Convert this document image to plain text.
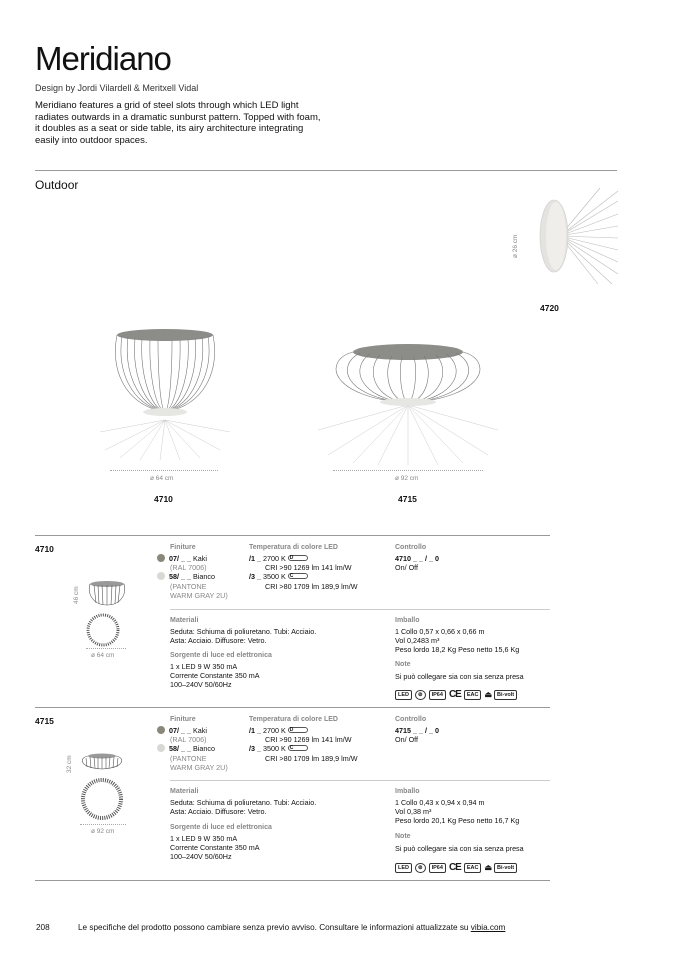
Meridiano
Design by Jordi Vilardell & Meritxell Vidal
Meridiano features a grid of steel slots through which LED light radiates outwards in a dramatic sunburst pattern. Topped with foam, it doubles as a seat or side table, its airy architecture integrating easily into outdoor spaces.
Outdoor
ø 26 cm
4720
ø 64 cm
4710
ø 92 cm
4715
4710
46 cm
ø 64 cm
Finiture
07/ _ _ Kaki
(RAL 7006)
58/ _ _ Bianco
(PANTONE
WARM GRAY 2U)
Temperatura di colore LED
/1 _ 2700 K D

CRI >90 1269 lm 141 lm/W
/3 _ 3500 K C

CRI >80 1709 lm 189,9 lm/W
Controllo
4710 _ _ / _ 0
On/ Off
Materiali
Seduta: Schiuma di poliuretano. Tubi: Acciaio.
Asta: Acciaio. Diffusore: Vetro.
Sorgente di luce ed elettronica
1 x LED 9 W 350 mA
Corrente Constante 350 mA
100–240V 50/60Hz
Imballo
1 Collo 0,57 x 0,66 x 0,66 m
Vol 0,2483 m³
Peso lordo 18,2 Kg Peso netto 15,6 Kg
Note
Si può collegare sia con sia senza presa
LED ⊚ IP64 CE EAC ⏏ Bi-volt
4715
32 cm
ø 92 cm
Finiture
07/ _ _ Kaki
(RAL 7006)
58/ _ _ Bianco
(PANTONE
WARM GRAY 2U)
Temperatura di colore LED
/1 _ 2700 K D

CRI >90 1269 lm 141 lm/W
/3 _ 3500 K C

CRI >80 1709 lm 189,9 lm/W
Controllo
4715 _ _ / _ 0
On/ Off
Materiali
Seduta: Schiuma di poliuretano. Tubi: Acciaio.
Asta: Acciaio. Diffusore: Vetro.
Sorgente di luce ed elettronica
1 x LED 9 W 350 mA
Corrente Constante 350 mA
100–240V 50/60Hz
Imballo
1 Collo 0,43 x 0,94 x 0,94 m
Vol 0,38 m³
Peso lordo 20,1 Kg Peso netto 16,7 Kg
Note
Si può collegare sia con sia senza presa
LED ⊚ IP64 CE EAC ⏏ Bi-volt
208	Le specifiche del prodotto possono cambiare senza previo avviso. Consultare le informazioni attualizzate su vibia.com
